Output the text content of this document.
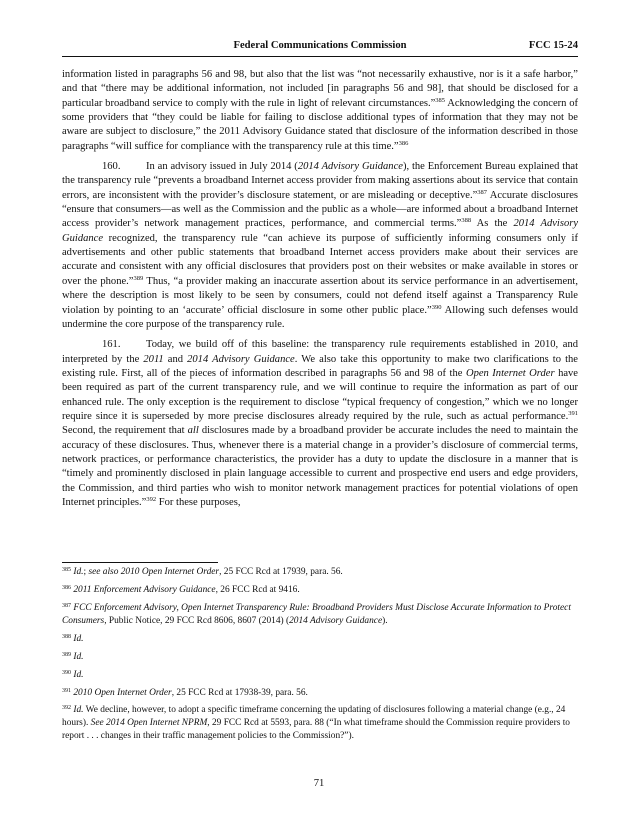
Federal Communications Commission	FCC 15-24

information listed in paragraphs 56 and 98, but also that the list was “not necessarily exhaustive, nor is it a safe harbor,” and that “there may be additional information, not included [in paragraphs 56 and 98], that should be disclosed for a particular broadband service to comply with the rule in light of relevant circumstances.”$^{385}$ Acknowledging the concern of some providers that “they could be liable for failing to disclose additional types of information that they may not be aware are subject to disclosure,” the 2011 Advisory Guidance stated that disclosure of the information described in those paragraphs “will suffice for compliance with the transparency rule at this time.”$^{386}$

160. In an advisory issued in July 2014 (2014 Advisory Guidance), the Enforcement Bureau explained that the transparency rule “prevents a broadband Internet access provider from making assertions about its service that contain errors, are inconsistent with the provider’s disclosure statement, or are misleading or deceptive.”$^{387}$ Accurate disclosures “ensure that consumers—as well as the Commission and the public as a whole—are informed about a broadband Internet access provider’s network management practices, performance, and commercial terms.”$^{388}$ As the 2014 Advisory Guidance recognized, the transparency rule “can achieve its purpose of sufficiently informing consumers only if advertisements and other public statements that broadband Internet access providers make about their services are accurate and consistent with any official disclosures that providers post on their websites or make available in stores or over the phone.”$^{389}$ Thus, “a provider making an inaccurate assertion about its service performance in an advertisement, where the description is most likely to be seen by consumers, could not defend itself against a Transparency Rule violation by pointing to an ‘accurate’ official disclosure in some other public place.”$^{390}$ Allowing such defenses would undermine the core purpose of the transparency rule.

161. Today, we build off of this baseline: the transparency rule requirements established in 2010, and interpreted by the 2011 and 2014 Advisory Guidance. We also take this opportunity to make two clarifications to the existing rule. First, all of the pieces of information described in paragraphs 56 and 98 of the Open Internet Order have been required as part of the current transparency rule, and we will continue to require the information as part of our enhanced rule. The only exception is the requirement to disclose “typical frequency of congestion,” which we no longer require since it is superseded by more precise disclosures already required by the rule, such as actual performance.$^{391}$ Second, the requirement that all disclosures made by a broadband provider be accurate includes the need to maintain the accuracy of these disclosures. Thus, whenever there is a material change in a provider’s disclosure of commercial terms, network practices, or performance characteristics, the provider has a duty to update the disclosure in a manner that is “timely and prominently disclosed in plain language accessible to current and prospective end users and edge providers, the Commission, and third parties who wish to monitor network management practices for potential violations of open Internet principles.”$^{392}$ For these purposes,

$^{385}$ Id.; see also 2010 Open Internet Order, 25 FCC Rcd at 17939, para. 56.

$^{386}$ 2011 Enforcement Advisory Guidance, 26 FCC Rcd at 9416.

$^{387}$ FCC Enforcement Advisory, Open Internet Transparency Rule: Broadband Providers Must Disclose Accurate Information to Protect Consumers, Public Notice, 29 FCC Rcd 8606, 8607 (2014) (2014 Advisory Guidance).

$^{388}$ Id.

$^{389}$ Id.

$^{390}$ Id.

$^{391}$ 2010 Open Internet Order, 25 FCC Rcd at 17938-39, para. 56.

$^{392}$ Id. We decline, however, to adopt a specific timeframe concerning the updating of disclosures following a material change (e.g., 24 hours). See 2014 Open Internet NPRM, 29 FCC Rcd at 5593, para. 88 (“In what timeframe should the Commission require providers to report . . . changes in their traffic management policies to the Commission?”).

71
